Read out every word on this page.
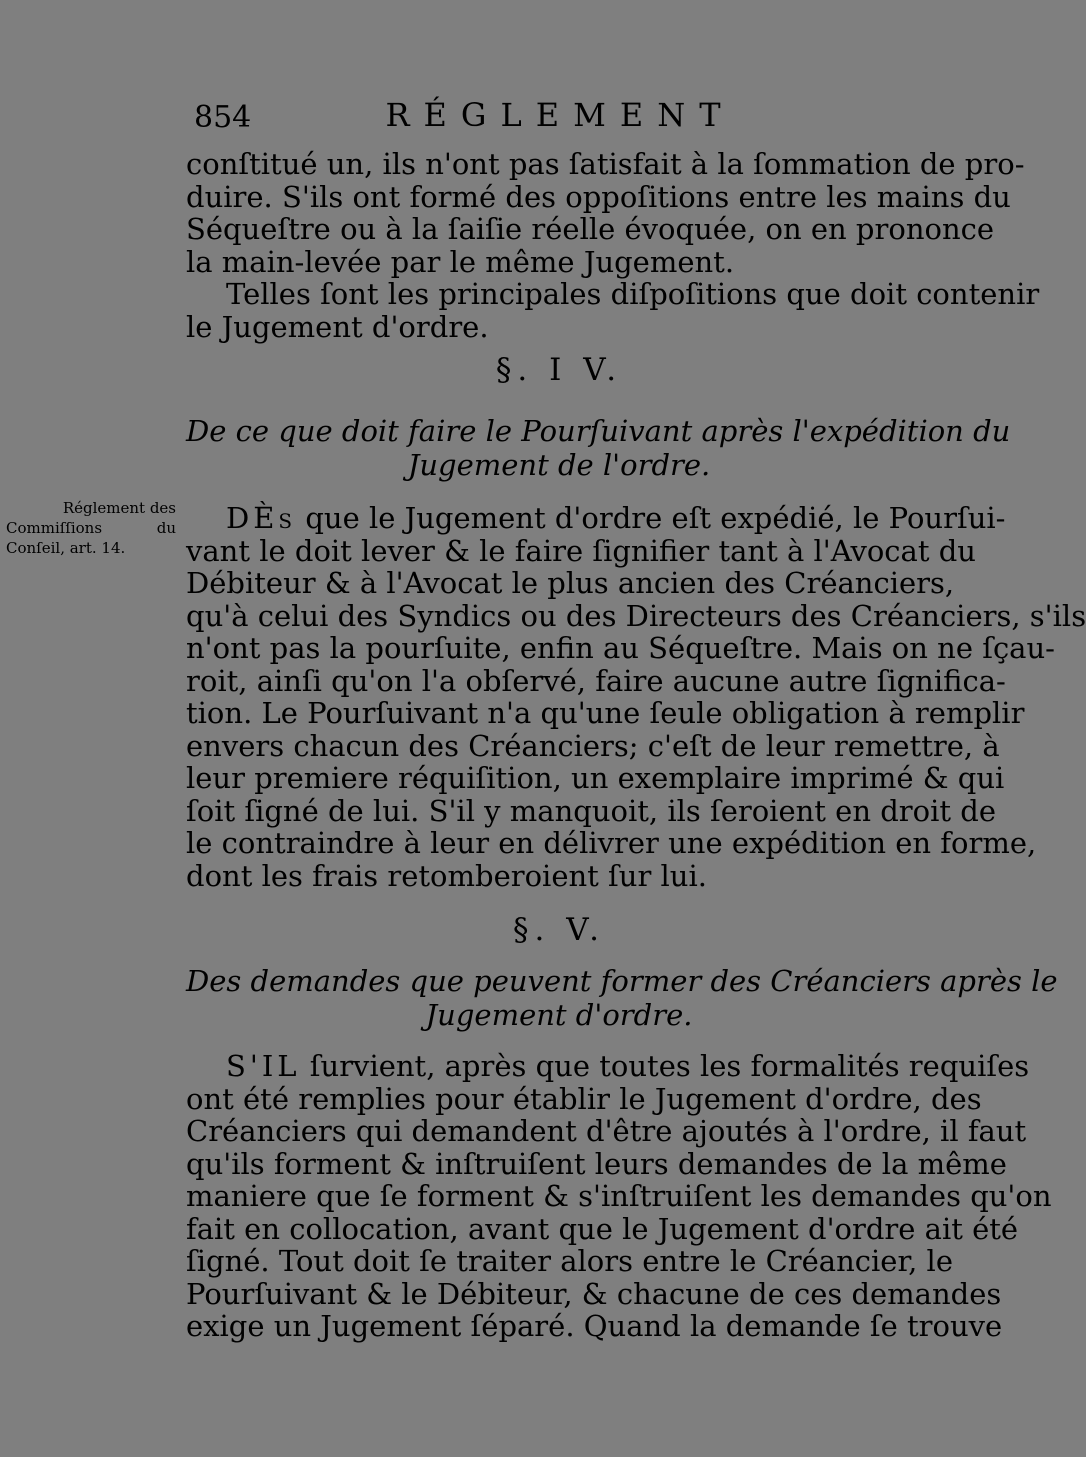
854	RÉGLEMENT
conſtitué un, ils n'ont pas ſatisfait à la ſommation de pro-
duire. S'ils ont formé des oppoſitions entre les mains du
Séqueſtre ou à la ſaiſie réelle évoquée, on en prononce
la main-levée par le même Jugement.
Telles ſont les principales diſpoſitions que doit contenir
le Jugement d'ordre.
§. I V.
De ce que doit faire le Pourſuivant après l'expédition du
Jugement de l'ordre.
Réglement des
Commiſſions du
Conſeil, art. 14.
DÈs que le Jugement d'ordre eſt expédié, le Pourſui-
vant le doit lever & le faire ſignifier tant à l'Avocat du
Débiteur & à l'Avocat le plus ancien des Créanciers,
qu'à celui des Syndics ou des Directeurs des Créanciers, s'ils
n'ont pas la pourſuite, enfin au Séqueſtre. Mais on ne ſçau-
roit, ainſi qu'on l'a obſervé, faire aucune autre ſignifica-
tion. Le Pourſuivant n'a qu'une ſeule obligation à remplir
envers chacun des Créanciers; c'eſt de leur remettre, à
leur premiere réquiſition, un exemplaire imprimé & qui
ſoit ſigné de lui. S'il y manquoit, ils ſeroient en droit de
le contraindre à leur en délivrer une expédition en forme,
dont les frais retomberoient ſur lui.
§. V.
Des demandes que peuvent former des Créanciers après le
Jugement d'ordre.
S'IL ſurvient, après que toutes les formalités requiſes
ont été remplies pour établir le Jugement d'ordre, des
Créanciers qui demandent d'être ajoutés à l'ordre, il faut
qu'ils forment & inſtruiſent leurs demandes de la même
maniere que ſe forment & s'inſtruiſent les demandes qu'on
fait en collocation, avant que le Jugement d'ordre ait été
ſigné. Tout doit ſe traiter alors entre le Créancier, le
Pourſuivant & le Débiteur, & chacune de ces demandes
exige un Jugement ſéparé. Quand la demande ſe trouve
